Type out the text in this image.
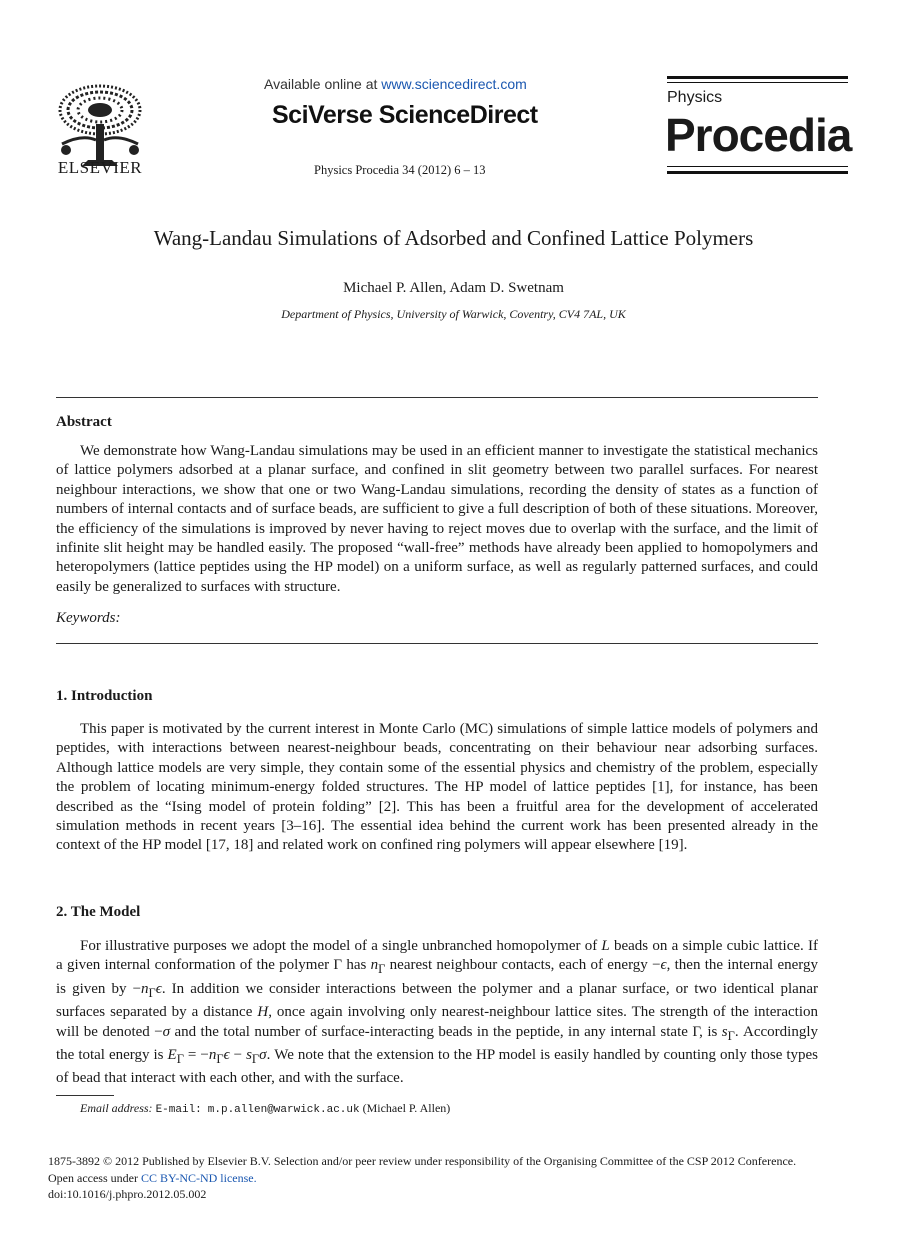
ELSEVIER
Available online at www.sciencedirect.com
SciVerse ScienceDirect
Physics Procedia 34 (2012) 6 – 13
Physics
Procedia
Wang-Landau Simulations of Adsorbed and Confined Lattice Polymers
Michael P. Allen, Adam D. Swetnam
Department of Physics, University of Warwick, Coventry, CV4 7AL, UK
Abstract
We demonstrate how Wang-Landau simulations may be used in an efficient manner to investigate the statistical mechanics of lattice polymers adsorbed at a planar surface, and confined in slit geometry between two parallel surfaces. For nearest neighbour interactions, we show that one or two Wang-Landau simulations, recording the density of states as a function of numbers of internal contacts and of surface beads, are sufficient to give a full description of both of these situations. Moreover, the efficiency of the simulations is improved by never having to reject moves due to overlap with the surface, and the limit of infinite slit height may be handled easily. The proposed “wall-free” methods have already been applied to homopolymers and heteropolymers (lattice peptides using the HP model) on a uniform surface, as well as regularly patterned surfaces, and could easily be generalized to surfaces with structure.
Keywords:
1. Introduction
This paper is motivated by the current interest in Monte Carlo (MC) simulations of simple lattice models of polymers and peptides, with interactions between nearest-neighbour beads, concentrating on their behaviour near adsorbing surfaces. Although lattice models are very simple, they contain some of the essential physics and chemistry of the problem, especially the problem of locating minimum-energy folded structures. The HP model of lattice peptides [1], for instance, has been described as the “Ising model of protein folding” [2]. This has been a fruitful area for the development of accelerated simulation methods in recent years [3–16]. The essential idea behind the current work has been presented already in the context of the HP model [17, 18] and related work on confined ring polymers will appear elsewhere [19].
2. The Model
For illustrative purposes we adopt the model of a single unbranched homopolymer of L beads on a simple cubic lattice. If a given internal conformation of the polymer Γ has $n_\Gamma$ nearest neighbour contacts, each of energy −ϵ, then the internal energy is given by $-n_\Gamma\epsilon$. In addition we consider interactions between the polymer and a planar surface, or two identical planar surfaces separated by a distance H, once again involving only nearest-neighbour lattice sites. The strength of the interaction will be denoted −σ and the total number of surface-interacting beads in the peptide, in any internal state Γ, is $s_\Gamma$. Accordingly the total energy is $E_\Gamma = -n_\Gamma\epsilon - s_\Gamma\sigma$. We note that the extension to the HP model is easily handled by counting only those types of bead that interact with each other, and with the surface.
Email address: E-mail: m.p.allen@warwick.ac.uk (Michael P. Allen)
1875-3892 © 2012 Published by Elsevier B.V. Selection and/or peer review under responsibility of the Organising Committee of the CSP 2012 Conference.
Open access under CC BY-NC-ND license.
doi:10.1016/j.phpro.2012.05.002
